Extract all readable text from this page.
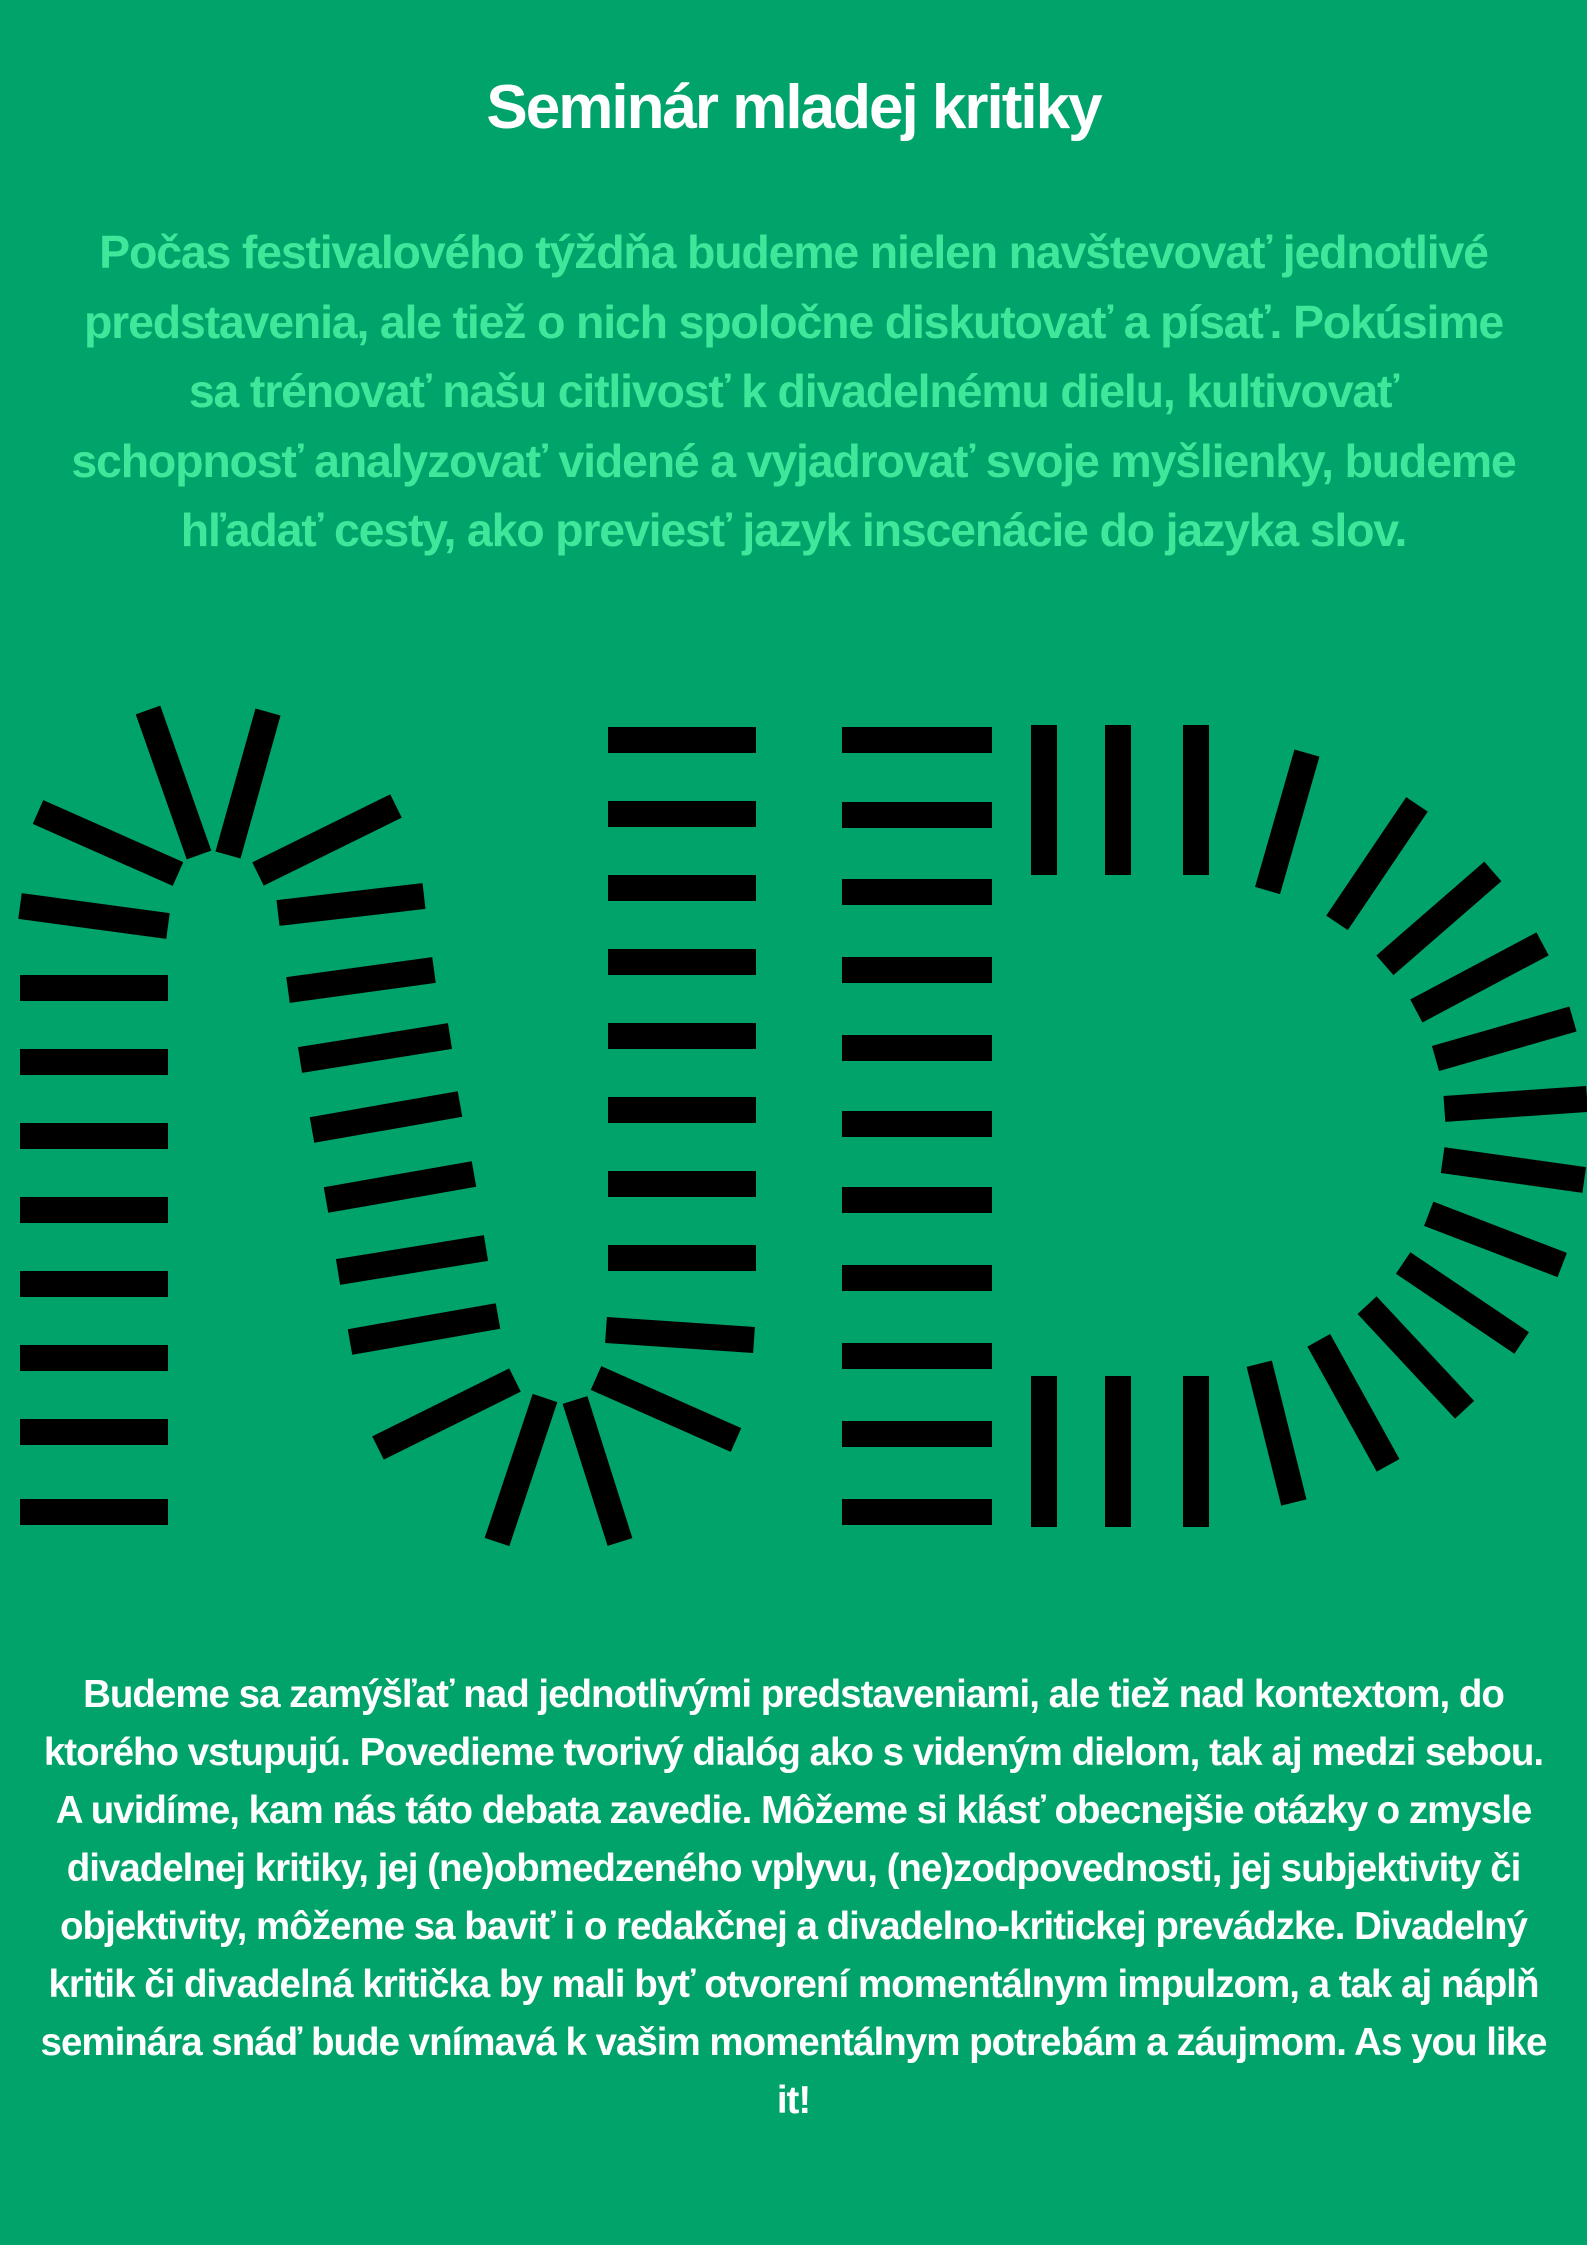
Seminár mladej kritiky

Počas festivalového týždňa budeme nielen navštevovať jednotlivé predstavenia, ale tiež o nich spoločne diskutovať a písať. Pokúsime sa trénovať našu citlivosť k divadelnému dielu, kultivovať schopnosť analyzovať videné a vyjadrovať svoje myšlienky, budeme hľadať cesty, ako previesť jazyk inscenácie do jazyka slov.

Budeme sa zamýšľať nad jednotlivými predstaveniami, ale tiež nad kontextom, do ktorého vstupujú. Povedieme tvorivý dialóg ako s videným dielom, tak aj medzi sebou. A uvidíme, kam nás táto debata zavedie. Môžeme si klásť obecnejšie otázky o zmysle divadelnej kritiky, jej (ne)obmedzeného vplyvu, (ne)zodpovednosti, jej subjektivity či objektivity, môžeme sa baviť i o redakčnej a divadelno-kritickej prevádzke. Divadelný kritik či divadelná kritička by mali byť otvorení momentálnym impulzom, a tak aj náplň seminára snáď bude vnímavá k vašim momentálnym potrebám a záujmom. As you like it!
